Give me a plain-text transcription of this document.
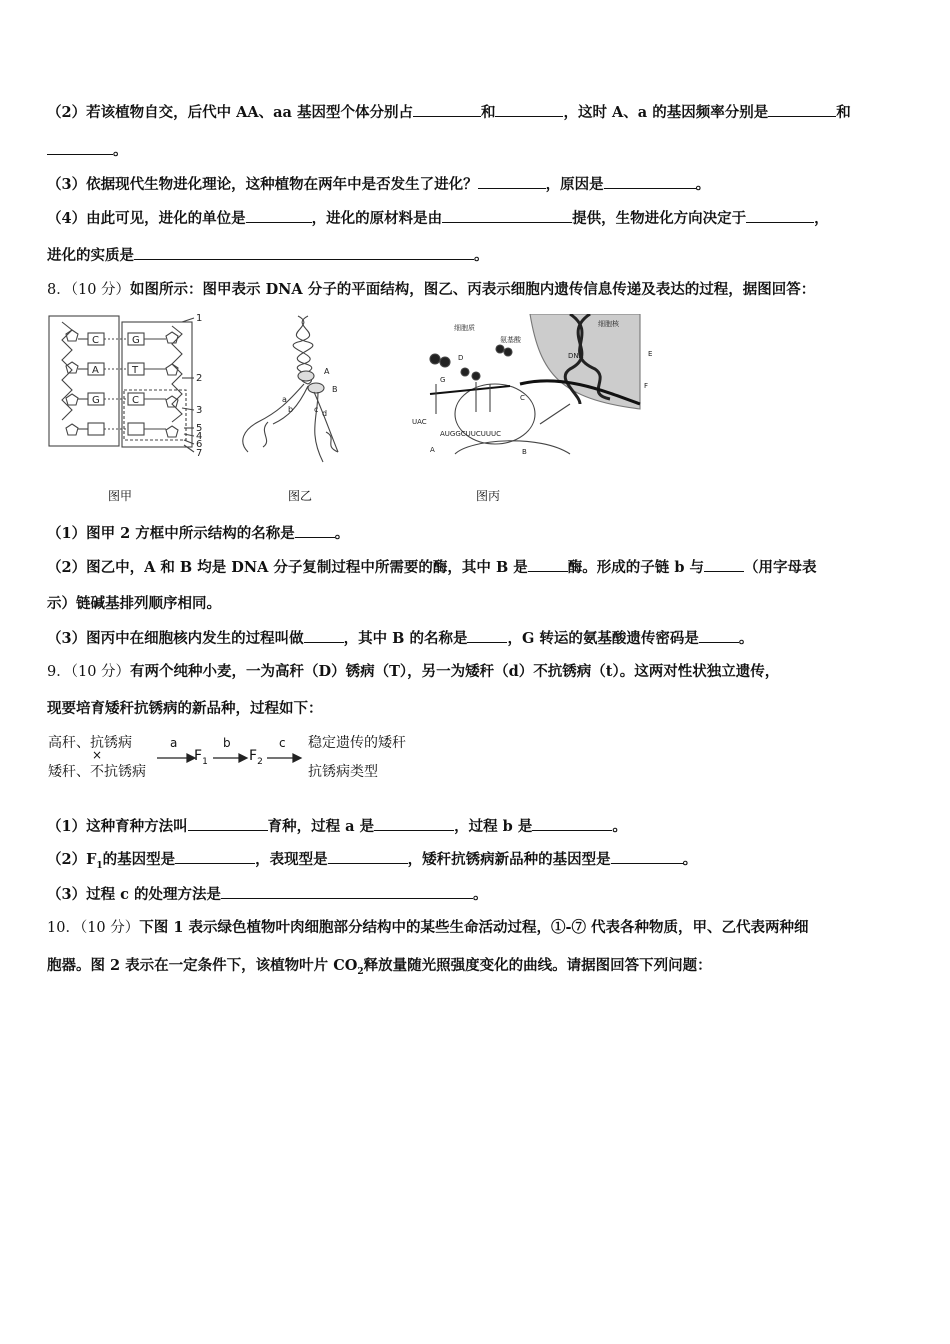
（2）若该植物自交，后代中 AA、aa 基因型个体分别占	和	，这时 A、a 的基因频率分别是	和
。
（3）依据现代生物进化理论，这种植物在两年中是否发生了进化？	，原因是	。
（4）由此可见，进化的单位是	，进化的原材料是由	提供，生物进化方向决定于	，
进化的实质是	。
8．（10 分）如图所示：图甲表示 DNA 分子的平面结构，图乙、丙表示细胞内遗传信息传递及表达的过程，据图回答：
C	G
A	T
G	C
1
2
3
5
4
6
7
A
B
a
b	c d
细胞质
氨基酸
细胞核
DNA
D
G
C
A	B
E
F
UAC
AUGGCUUCUUUC
图甲	图乙	图丙
（1）图甲 2 方框中所示结构的名称是	。
（2）图乙中，A 和 B 均是 DNA 分子复制过程中所需要的酶，其中 B 是	酶。形成的子链 b 与	（用字母表
示）链碱基排列顺序相同。
（3）图丙中在细胞核内发生的过程叫做	，其中 B 的名称是	，G 转运的氨基酸遗传密码是	。
9．（10 分）有两个纯种小麦，一为高秆（D）锈病（T），另一为矮秆（d）不抗锈病（t）。这两对性状独立遗传，
现要培育矮秆抗锈病的新品种，过程如下：
高秆、抗锈病
×
矮秆、不抗锈病
a	b	c
$F_1$	$F_2$
稳定遗传的矮秆
抗锈病类型
（1）这种育种方法叫	育种，过程 a 是	，过程 b 是	。
$(2)F_1$的基因型是	，表现型是	，矮秆抗锈病新品种的基因型是	。
（3）过程 c 的处理方法是	。
10．（10 分）下图 1 表示绿色植物叶肉细胞部分结构中的某些生命活动过程，①-⑦ 代表各种物质，甲、乙代表两种细
胞器。图 2 表示在一定条件下，该植物叶片 $CO_2$释放量随光照强度变化的曲线。请据图回答下列问题：
